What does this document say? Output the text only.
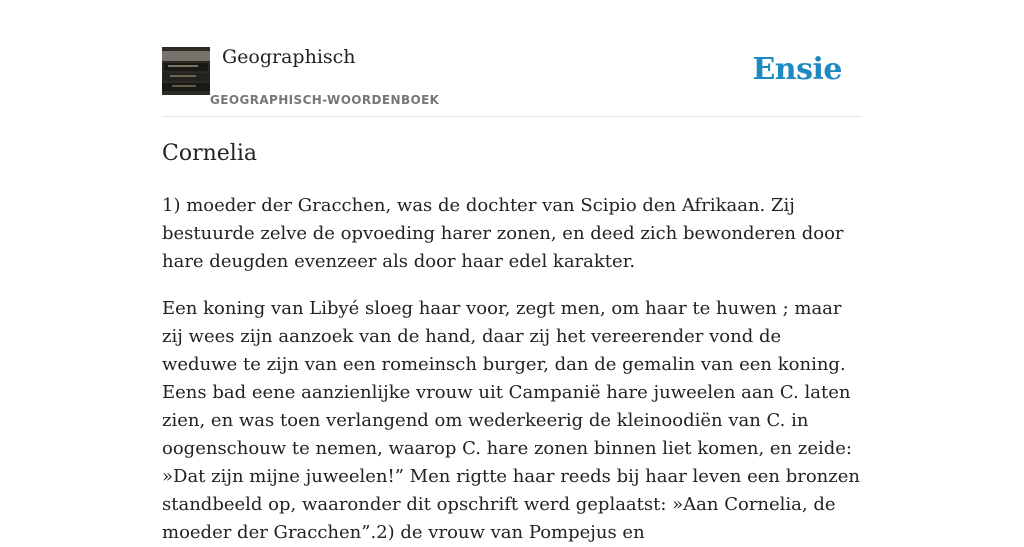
Geographisch
GEOGRAPHISCH-WOORDENBOEK
Ensie
Cornelia

1) moeder der Gracchen, was de dochter van Scipio den Afrikaan. Zij bestuurde zelve de opvoeding harer zonen, en deed zich bewonderen door hare deugden evenzeer als door haar edel karakter.

Een koning van Libyé sloeg haar voor, zegt men, om haar te huwen ; maar zij wees zijn aanzoek van de hand, daar zij het vereerender vond de weduwe te zijn van een romeinsch burger, dan de gemalin van een koning. Eens bad eene aanzienlijke vrouw uit Campanië hare juweelen aan C. laten zien, en was toen verlangend om wederkeerig de kleinoodiën van C. in oogenschouw te nemen, waarop C. hare zonen binnen liet komen, en zeide: »Dat zijn mijne juweelen!” Men rigtte haar reeds bij haar leven een bronzen standbeeld op, waaronder dit opschrift werd geplaatst: »Aan Cornelia, de moeder der Gracchen”.2) de vrouw van Pompejus en
